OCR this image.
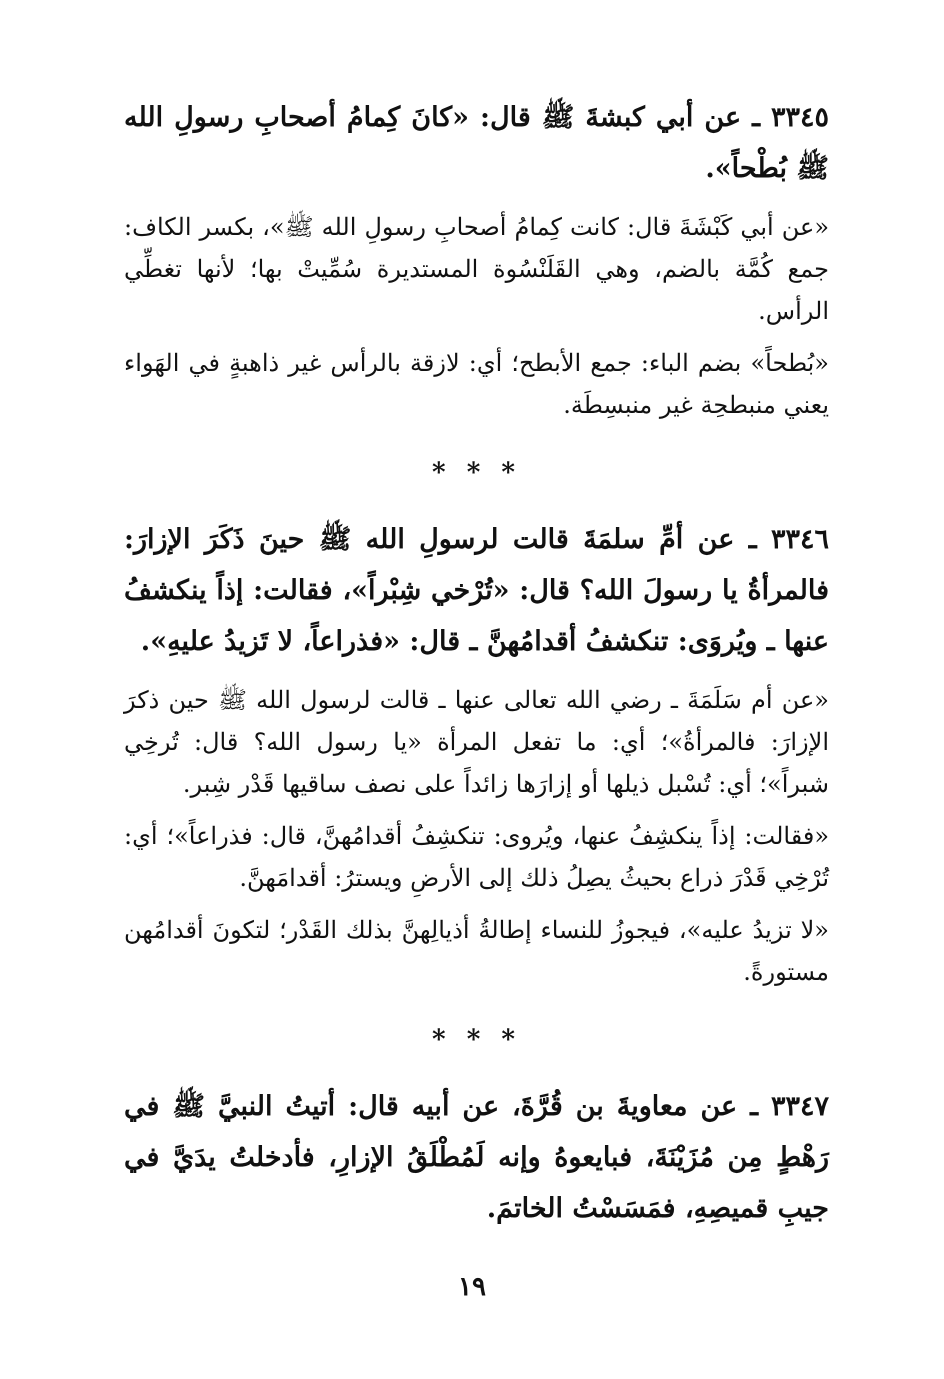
٣٣٤٥ ـ عن أبي كبشةَ ﷺ قال: «كانَ كِمامُ أصحابِ رسولِ الله ﷺ بُطْحاً».

«عن أبي كَبْشَةَ قال: كانت كِمامُ أصحابِ رسولِ الله ﷺ»، بكسر الكاف: جمع كُمَّة بالضم، وهي القَلَنْسُوة المستديرة سُمِّيتْ بها؛ لأنها تغطِّي الرأس.

«بُطحاً» بضم الباء: جمع الأبطح؛ أي: لازقة بالرأس غير ذاهبةٍ في الهَواء يعني منبطحِة غير منبسِطَة.

* * *

٣٣٤٦ ـ عن أمِّ سلمَةَ قالت لرسولِ الله ﷺ حينَ ذَكَرَ الإزارَ: فالمرأةُ يا رسولَ الله؟ قال: «تُرْخي شِبْراً»، فقالت: إذاً ينكشفُ عنها ـ ويُروَى: تنكشفُ أقدامُهنَّ ـ قال: «فذراعاً، لا تَزيدُ عليهِ».

«عن أم سَلَمَةَ ـ رضي الله تعالى عنها ـ قالت لرسول الله ﷺ حين ذكرَ الإزارَ: فالمرأةُ»؛ أي: ما تفعل المرأة «يا رسول الله؟ قال: تُرخِي شبراً»؛ أي: تُسْبل ذيلها أو إزارَها زائداً على نصف ساقيها قَدْر شِبر.

«فقالت: إذاً ينكشِفُ عنها، ويُروى: تنكشِفُ أقدامُهنَّ، قال: فذراعاً»؛ أي: تُرْخِي قَدْرَ ذراع بحيثُ يصِلُ ذلك إلى الأرضِ ويسترُ: أقدامَهنَّ.

«لا تزيدُ عليه»، فيجوزُ للنساء إطالةُ أذيالِهنَّ بذلك القَدْر؛ لتكونَ أقدامُهن مستورةً.

* * *

٣٣٤٧ ـ عن معاويةَ بن قُرَّةَ، عن أبيه قال: أتيتُ النبيَّ ﷺ في رَهْطٍ مِن مُزَيْنَةَ، فبايعوهُ وإنه لَمُطْلَقُ الإزارِ، فأدخلتُ يدَيَّ في جيبِ قميصِهِ، فمَسَسْتُ الخاتمَ.

١٩
